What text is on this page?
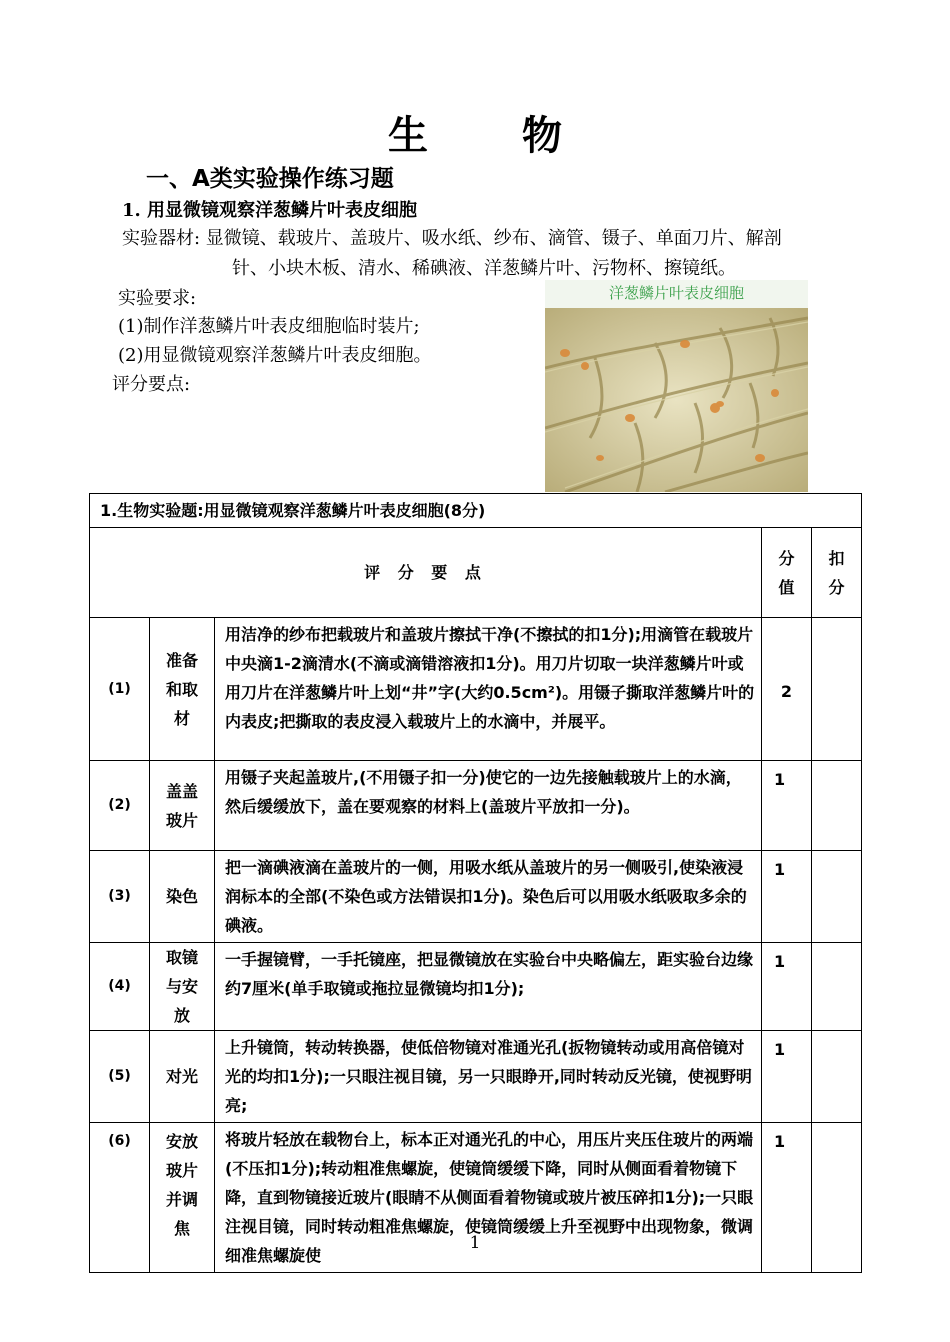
生 物
一、A类实验操作练习题
1. 用显微镜观察洋葱鳞片叶表皮细胞
实验器材: 显微镜、载玻片、盖玻片、吸水纸、纱布、滴管、镊子、单面刀片、解剖
针、小块木板、清水、稀碘液、洋葱鳞片叶、污物杯、擦镜纸。
实验要求:
(1)制作洋葱鳞片叶表皮细胞临时装片;
(2)用显微镜观察洋葱鳞片叶表皮细胞。
评分要点:
洋葱鳞片叶表皮细胞
1.生物实验题:用显微镜观察洋葱鳞片叶表皮细胞(8分)				
评 分 要 点			分值	扣分
(1)	准备和取材	用洁净的纱布把载玻片和盖玻片擦拭干净(不擦拭的扣1分);用滴管在载玻片中央滴1-2滴清水(不滴或滴错溶液扣1分)。用刀片切取一块洋葱鳞片叶或用刀片在洋葱鳞片叶上划“井”字(大约0.5cm²)。用镊子撕取洋葱鳞片叶的内表皮;把撕取的表皮浸入载玻片上的水滴中，并展平。	2	
(2)	盖盖玻片	用镊子夹起盖玻片,(不用镊子扣一分)使它的一边先接触载玻片上的水滴，然后缓缓放下，盖在要观察的材料上(盖玻片平放扣一分)。	1	
(3)	染色	把一滴碘液滴在盖玻片的一侧，用吸水纸从盖玻片的另一侧吸引,使染液浸润标本的全部(不染色或方法错误扣1分)。染色后可以用吸水纸吸取多余的碘液。	1	
(4)	取镜与安放	一手握镜臂，一手托镜座，把显微镜放在实验台中央略偏左，距实验台边缘约7厘米(单手取镜或拖拉显微镜均扣1分);	1	
(5)	对光	上升镜筒，转动转换器，使低倍物镜对准通光孔(扳物镜转动或用高倍镜对光的均扣1分);一只眼注视目镜，另一只眼睁开,同时转动反光镜，使视野明亮;	1	
(6)	安放玻片并调焦	将玻片轻放在载物台上，标本正对通光孔的中心，用压片夹压住玻片的两端(不压扣1分);转动粗准焦螺旋，使镜筒缓缓下降，同时从侧面看着物镜下降，直到物镜接近玻片(眼睛不从侧面看着物镜或玻片被压碎扣1分);一只眼注视目镜，同时转动粗准焦螺旋，使镜筒缓缓上升至视野中出现物象，微调细准焦螺旋使	1	
1
